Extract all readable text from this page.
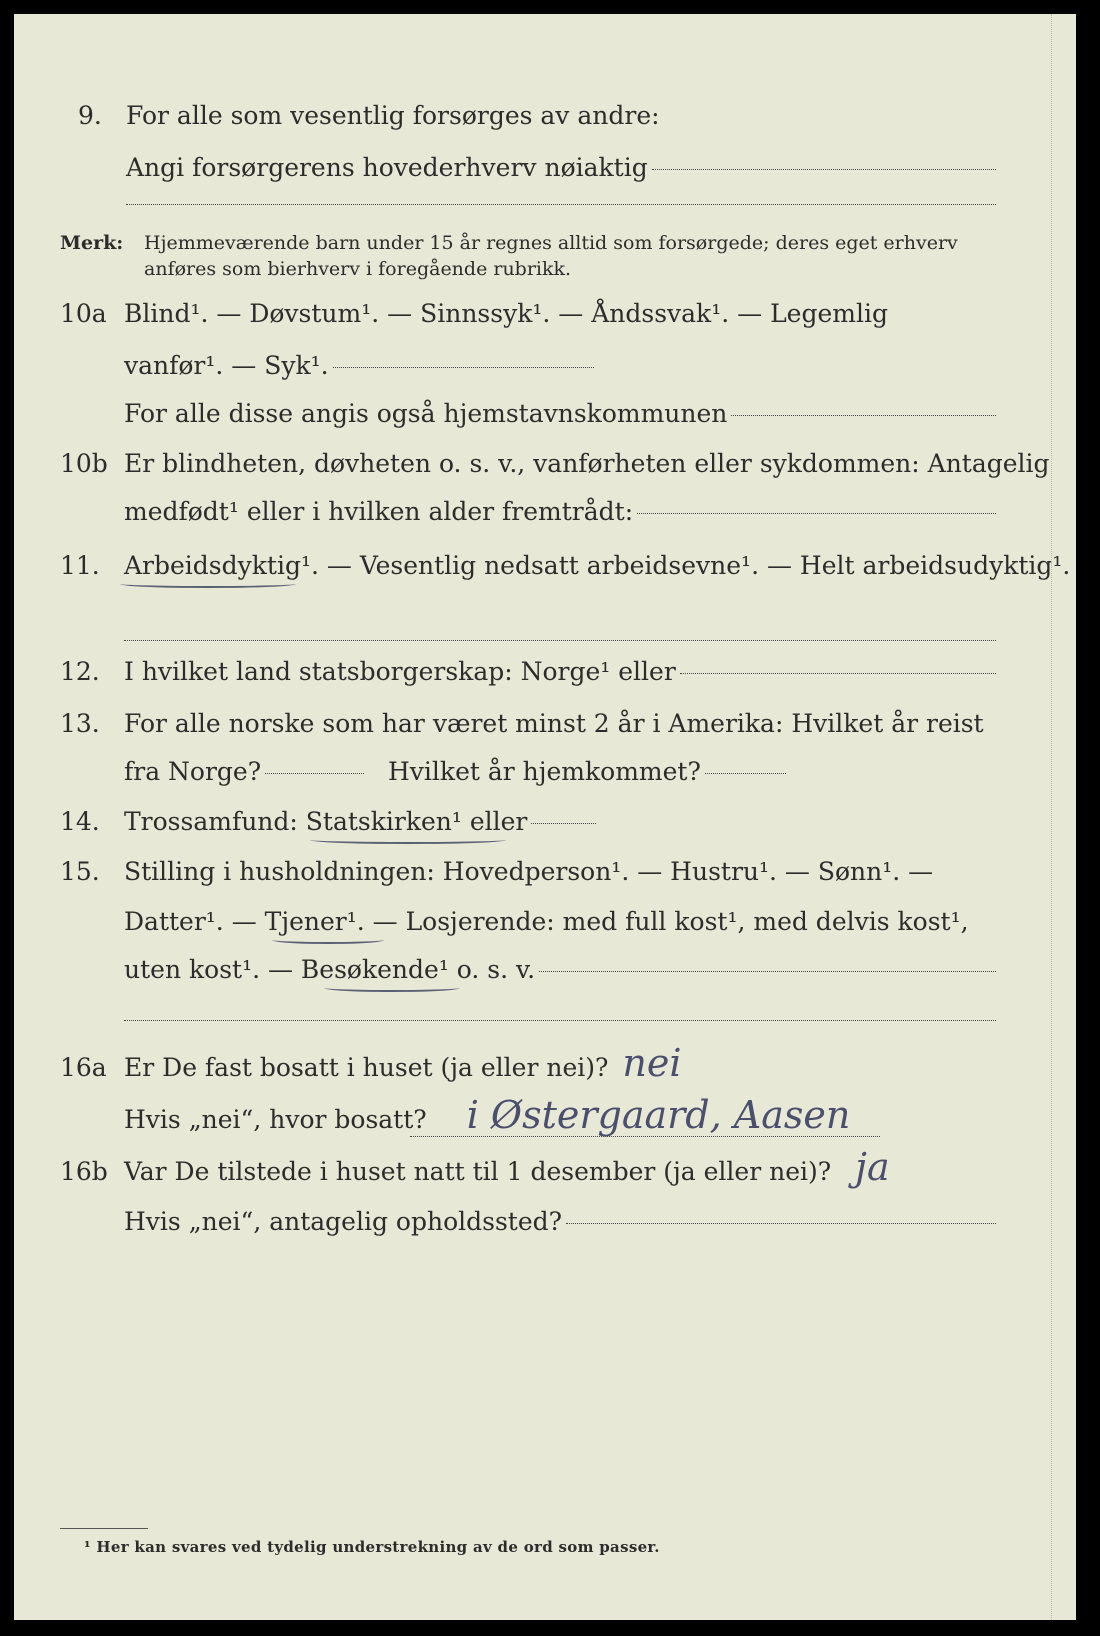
9. For alle som vesentlig forsørges av andre:
Angi forsørgerens hovederhverv nøiaktig
Merk: Hjemmeværende barn under 15 år regnes alltid som forsørgede; deres eget erhverv
anføres som bierhverv i foregående rubrikk.
10a Blind¹. — Døvstum¹. — Sinnssyk¹. — Åndssvak¹. — Legemlig
vanfør¹. — Syk¹.
For alle disse angis også hjemstavnskommunen
10b Er blindheten, døvheten o. s. v., vanførheten eller sykdommen: Antagelig
medfødt¹ eller i hvilken alder fremtrådt:
11. Arbeidsdyktig¹. — Vesentlig nedsatt arbeidsevne¹. — Helt arbeidsudyktig¹.
12. I hvilket land statsborgerskap: Norge¹ eller
13. For alle norske som har været minst 2 år i Amerika: Hvilket år reist
fra Norge?	Hvilket år hjemkommet?
14. Trossamfund: Statskirken¹ eller
15. Stilling i husholdningen: Hovedperson¹. — Hustru¹. — Sønn¹. —
Datter¹. — Tjener¹. — Losjerende: med full kost¹, med delvis kost¹,
uten kost¹. — Besøkende¹ o. s. v.
16a Er De fast bosatt i huset (ja eller nei)? nei
Hvis „nei“, hvor bosatt? i Østergaard, Aasen
16b Var De tilstede i huset natt til 1 desember (ja eller nei)? ja
Hvis „nei“, antagelig opholdssted?
¹ Her kan svares ved tydelig understrekning av de ord som passer.
